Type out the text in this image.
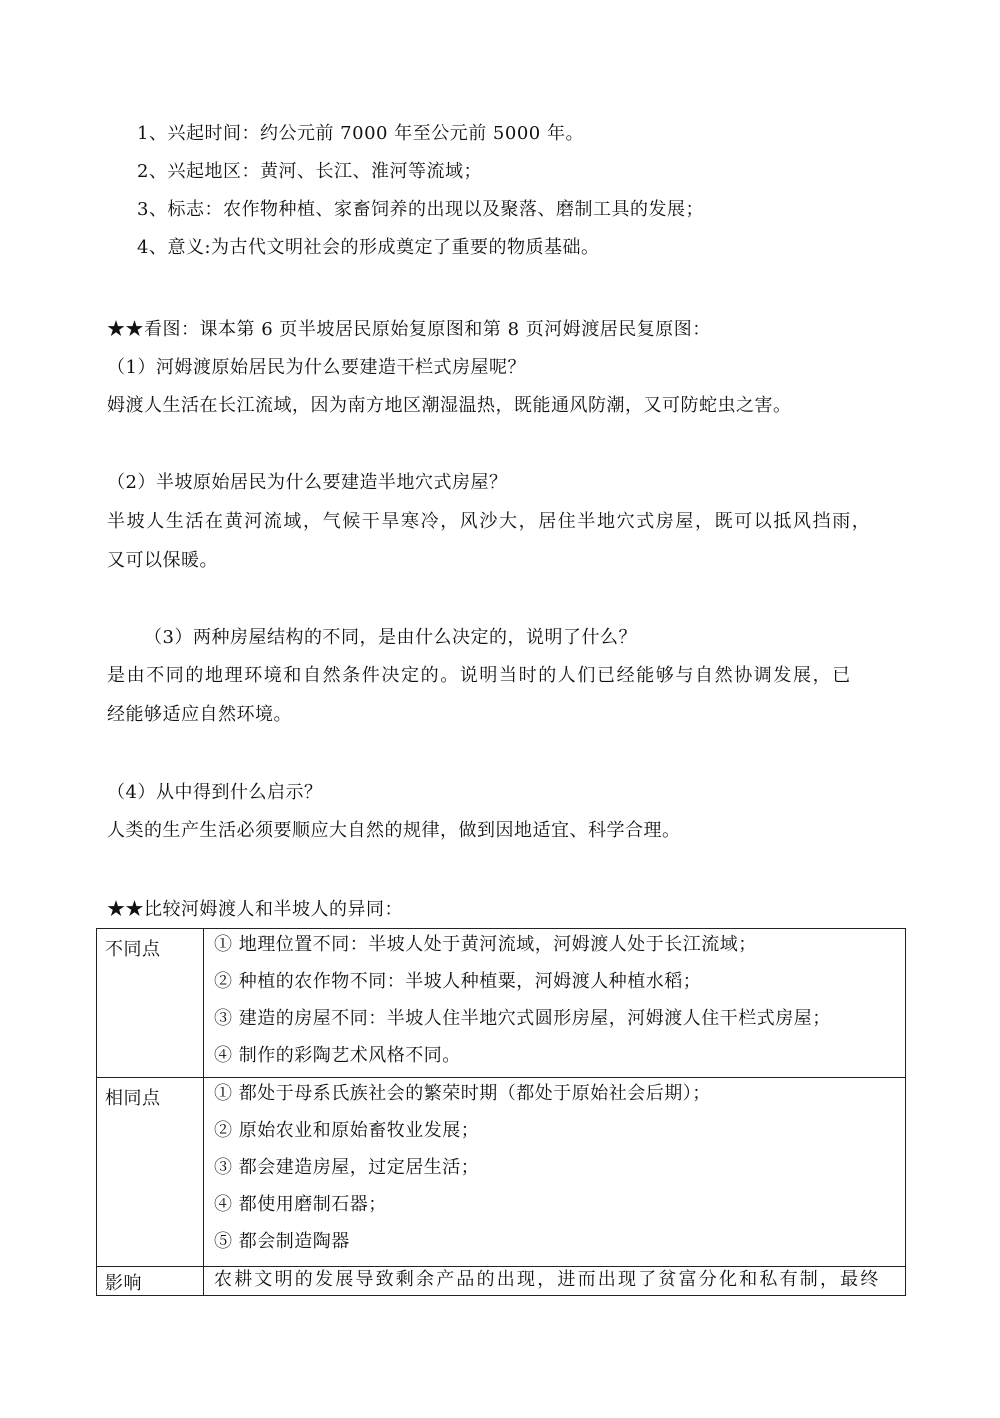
1、兴起时间：约公元前 7000 年至公元前 5000 年。
2、兴起地区：黄河、长江、淮河等流域；
3、标志：农作物种植、家畜饲养的出现以及聚落、磨制工具的发展；
4、意义:为古代文明社会的形成奠定了重要的物质基础。
★★看图：课本第 6 页半坡居民原始复原图和第 8 页河姆渡居民复原图：
（1）河姆渡原始居民为什么要建造干栏式房屋呢？
姆渡人生活在长江流域，因为南方地区潮湿温热，既能通风防潮，又可防蛇虫之害。
（2）半坡原始居民为什么要建造半地穴式房屋？
半坡人生活在黄河流域，气候干旱寒冷，风沙大，居住半地穴式房屋，既可以抵风挡雨，
又可以保暖。
（3）两种房屋结构的不同，是由什么决定的，说明了什么？
是由不同的地理环境和自然条件决定的。说明当时的人们已经能够与自然协调发展，已
经能够适应自然环境。
（4）从中得到什么启示？
人类的生产生活必须要顺应大自然的规律，做到因地适宜、科学合理。
★★比较河姆渡人和半坡人的异同：
不同点	① 地理位置不同：半坡人处于黄河流域，河姆渡人处于长江流域；
② 种植的农作物不同：半坡人种植粟，河姆渡人种植水稻；
③ 建造的房屋不同：半坡人住半地穴式圆形房屋，河姆渡人住干栏式房屋；
④ 制作的彩陶艺术风格不同。

相同点	① 都处于母系氏族社会的繁荣时期（都处于原始社会后期）；
② 原始农业和原始畜牧业发展；
③ 都会建造房屋，过定居生活；
④ 都使用磨制石器；
⑤ 都会制造陶器

影响	农耕文明的发展导致剩余产品的出现，进而出现了贫富分化和私有制，最终
